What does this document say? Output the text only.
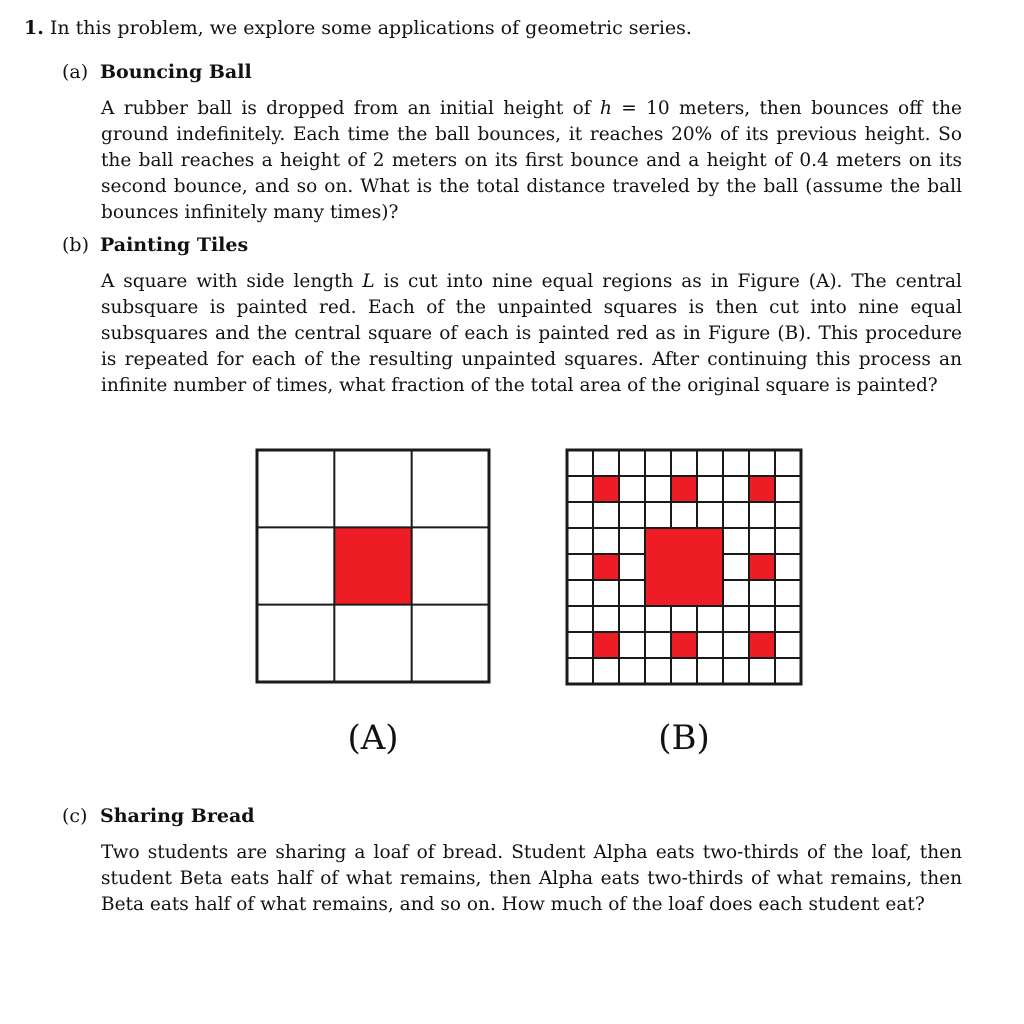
1. In this problem, we explore some applications of geometric series.
(a) Bouncing Ball
A rubber ball is dropped from an initial height of h = 10 meters, then bounces off the ground indefinitely. Each time the ball bounces, it reaches 20% of its previous height. So the ball reaches a height of 2 meters on its first bounce and a height of 0.4 meters on its second bounce, and so on. What is the total distance traveled by the ball (assume the ball bounces infinitely many times)?
(b) Painting Tiles
A square with side length L is cut into nine equal regions as in Figure (A). The central subsquare is painted red. Each of the unpainted squares is then cut into nine equal subsquares and the central square of each is painted red as in Figure (B). This procedure is repeated for each of the resulting unpainted squares. After continuing this process an infinite number of times, what fraction of the total area of the original square is painted?
(A)	(B)
(c) Sharing Bread
Two students are sharing a loaf of bread. Student Alpha eats two-thirds of the loaf, then student Beta eats half of what remains, then Alpha eats two-thirds of what remains, then Beta eats half of what remains, and so on. How much of the loaf does each student eat?
